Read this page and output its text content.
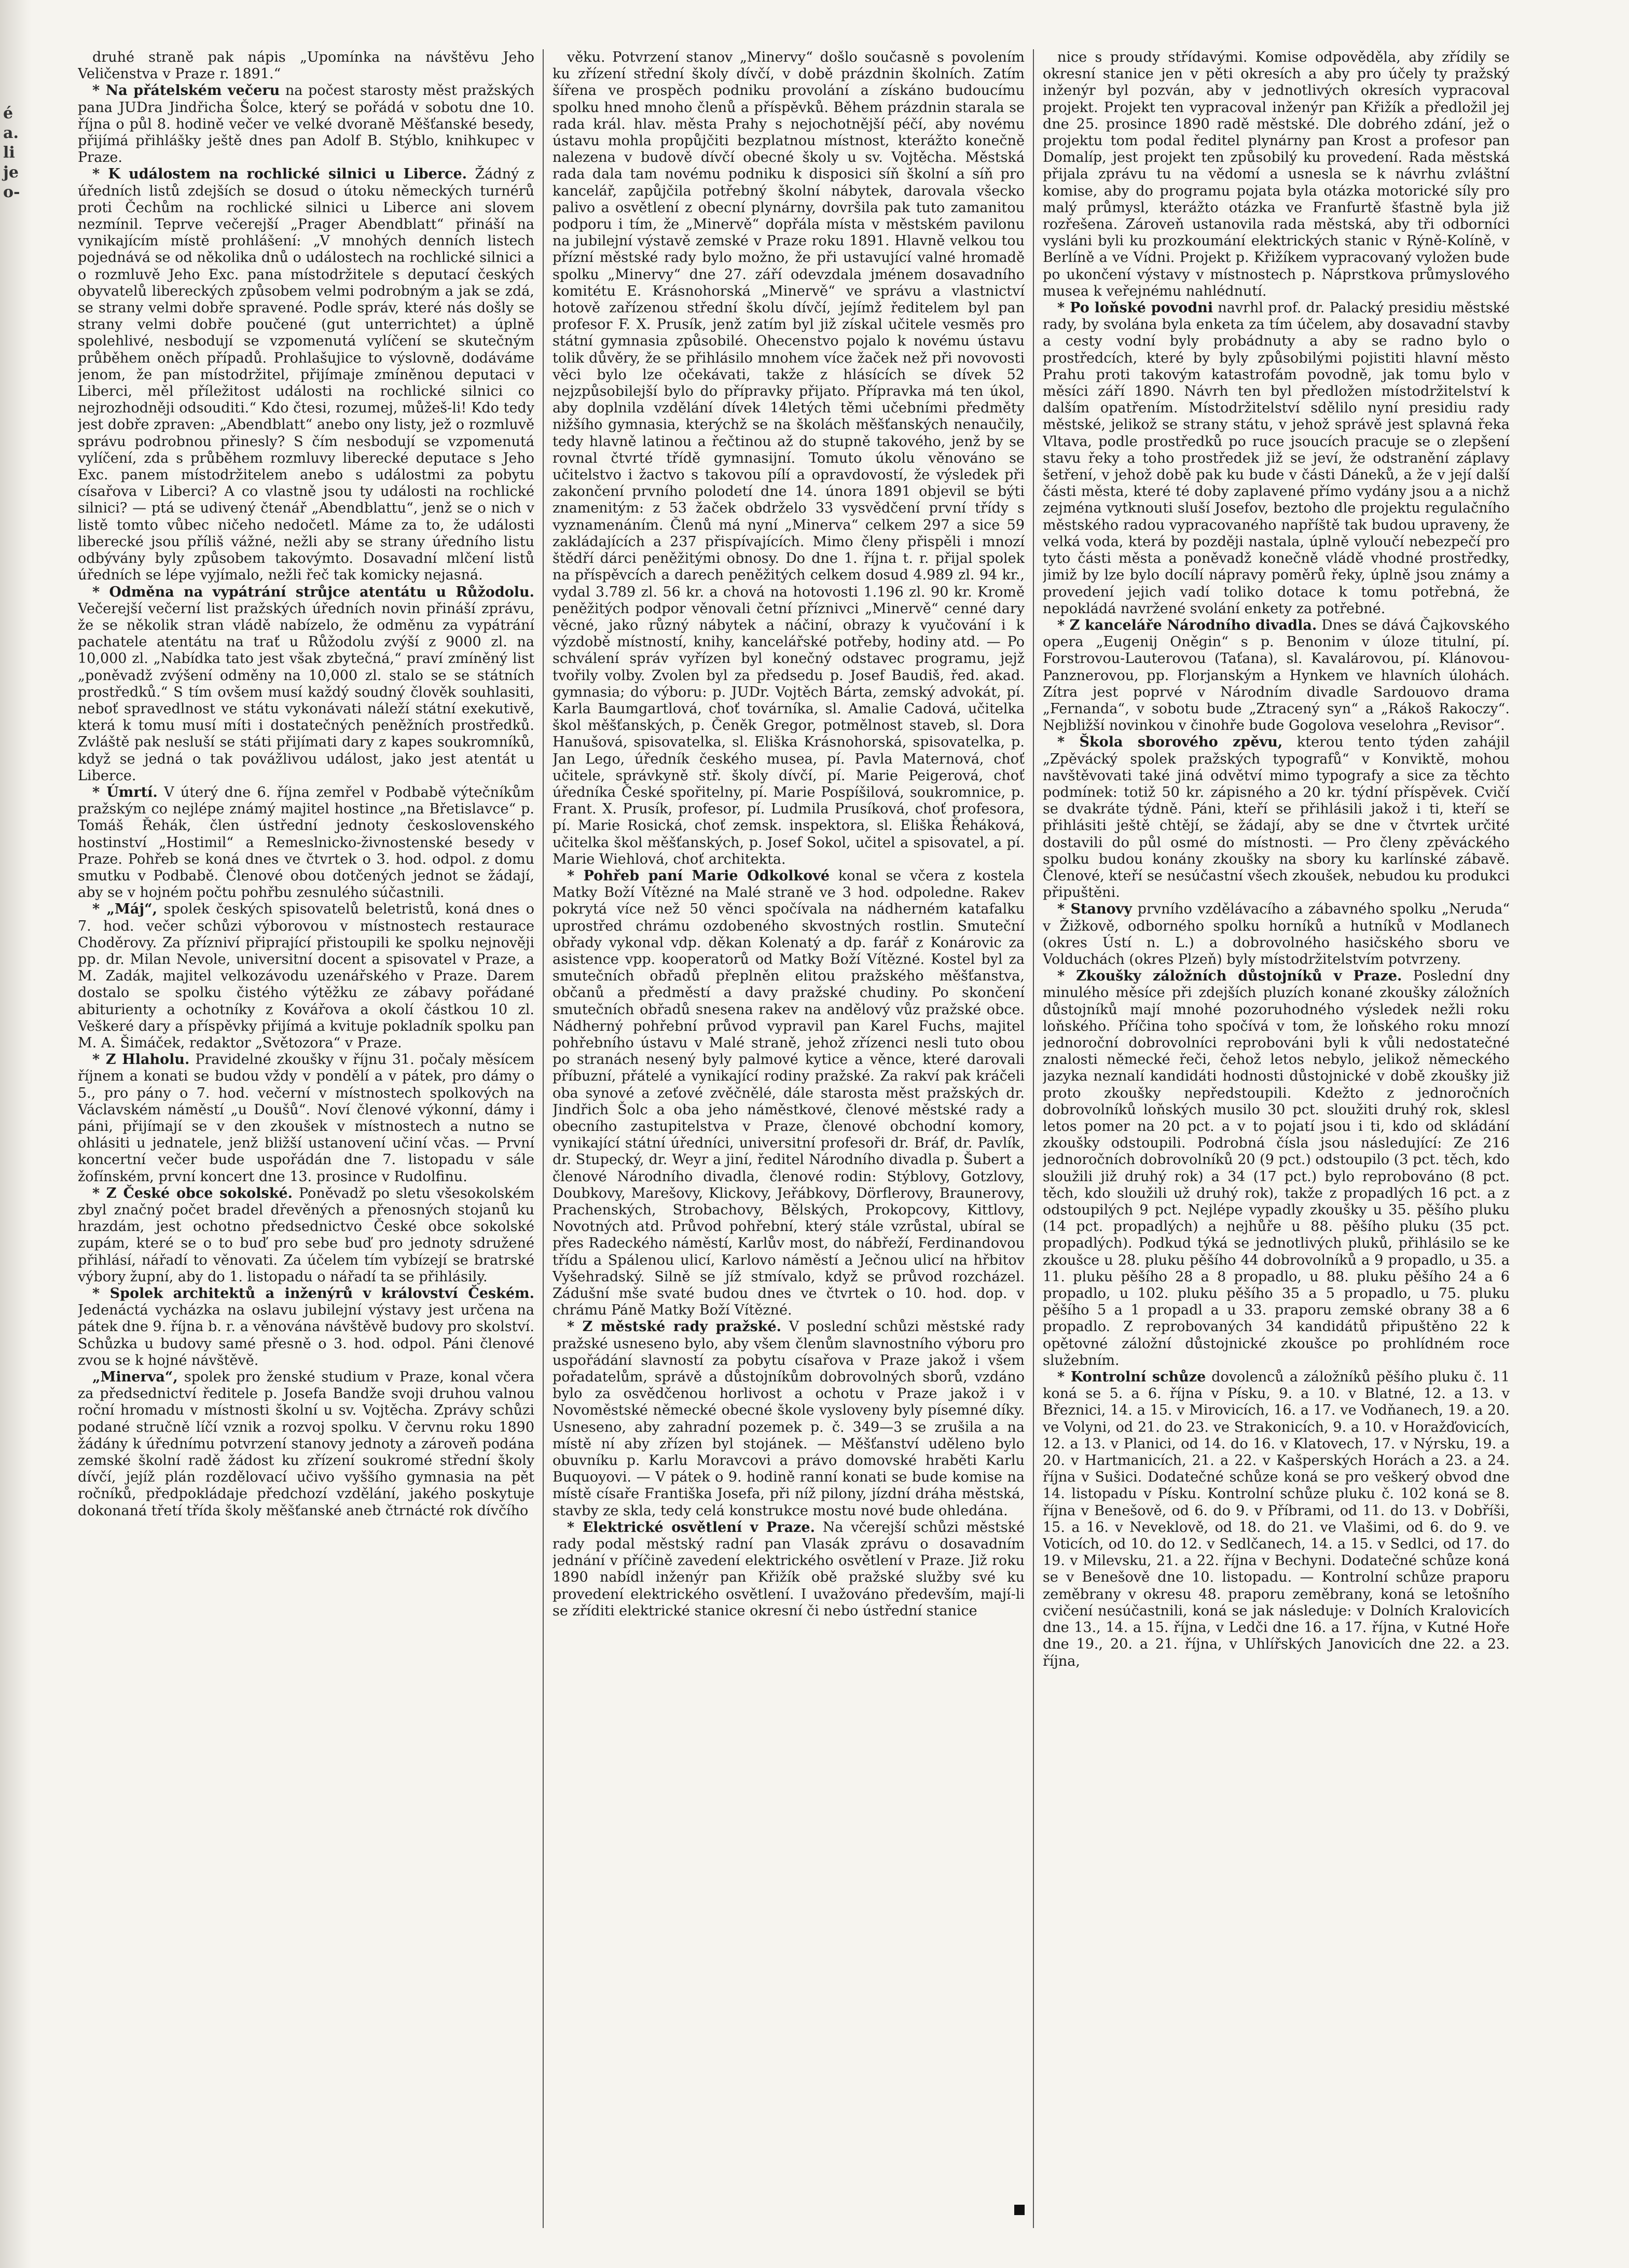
é
a.
li
je
o-

druhé straně pak nápis „Upomínka na návštěvu Jeho Veličenstva v Praze r. 1891.“

* Na přátelském večeru na počest starosty měst pražských pana JUDra Jindřicha Šolce, který se pořádá v sobotu dne 10. října o půl 8. hodině večer ve velké dvoraně Měšťanské besedy, přijímá přihlášky ještě dnes pan Adolf B. Stýblo, knihkupec v Praze.

* K událostem na rochlické silnici u Liberce. Žádný z úředních listů zdejších se dosud o útoku německých turnérů proti Čechům na rochlické silnici u Liberce ani slovem nezmínil. Teprve večerejší „Prager Abendblatt“ přináší na vynikajícím místě prohlášení: „V mnohých denních listech pojednává se od několika dnů o událostech na rochlické silnici a o rozmluvě Jeho Exc. pana místodržitele s deputací českých obyvatelů libereckých způsobem velmi podrobným a jak se zdá, se strany velmi dobře spravené. Podle správ, které nás došly se strany velmi dobře poučené (gut unterrichtet) a úplně spolehlivé, nesbodují se vzpomenutá vylíčení se skutečným průběhem oněch případů. Prohlašujice to výslovně, dodáváme jenom, že pan místodržitel, přijímaje zmíněnou deputaci v Liberci, měl příležitost události na rochlické silnici co nejrozhodněji odsouditi.“ Kdo čtesi, rozumej, můžeš-li! Kdo tedy jest dobře zpraven: „Abendblatt“ anebo ony listy, jež o rozmluvě správu podrobnou přinesly? S čím nesbodují se vzpomenutá vylíčení, zda s průběhem rozmluvy liberecké deputace s Jeho Exc. panem místodržitelem anebo s událostmi za pobytu císařova v Liberci? A co vlastně jsou ty události na rochlické silnici? — ptá se udivený čtenář „Abendblattu“, jenž se o nich v listě tomto vůbec ničeho nedočetl. Máme za to, že události liberecké jsou příliš vážné, nežli aby se strany úředního listu odbývány byly způsobem takovýmto. Dosavadní mlčení listů úředních se lépe vyjímalo, nežli řeč tak komicky nejasná.

* Odměna na vypátrání strůjce atentátu u Růžodolu. Večerejší večerní list pražských úředních novin přináší zprávu, že se několik stran vládě nabízelo, že odměnu za vypátrání pachatele atentátu na trať u Růžodolu zvýší z 9000 zl. na 10,000 zl. „Nabídka tato jest však zbytečná,“ praví zmíněný list „poněvadž zvýšení odměny na 10,000 zl. stalo se se státních prostředků.“ S tím ovšem musí každý soudný člověk souhlasiti, neboť spravedlnost ve státu vykonávati náleží státní exekutivě, která k tomu musí míti i dostatečných peněžních prostředků. Zvláště pak nesluší se státi přijímati dary z kapes soukromníků, když se jedná o tak povážlivou událost, jako jest atentát u Liberce.

* Úmrtí. V úterý dne 6. října zemřel v Podbabě výtečníkům pražským co nejlépe známý majitel hostince „na Břetislavce“ p. Tomáš Řehák, člen ústřední jednoty československého hostinství „Hostimil“ a Remeslnicko-živnostenské besedy v Praze. Pohřeb se koná dnes ve čtvrtek o 3. hod. odpol. z domu smutku v Podbabě. Členové obou dotčených jednot se žádají, aby se v hojném počtu pohřbu zesnulého súčastnili.

* „Máj“, spolek českých spisovatelů beletristů, koná dnes o 7. hod. večer schůzi výborovou v místnostech restaurace Choděrovy. Za přízniví připrající přistoupili ke spolku nejnověji pp. dr. Milan Nevole, universitní docent a spisovatel v Praze, a M. Zadák, majitel velkozávodu uzenářského v Praze. Darem dostalo se spolku čistého výtěžku ze zábavy pořádané abiturienty a ochotníky z Kovářova a okolí částkou 10 zl. Veškeré dary a příspěvky přijímá a kvituje pokladník spolku pan M. A. Šimáček, redaktor „Světozora“ v Praze.

* Z Hlaholu. Pravidelné zkoušky v říjnu 31. počaly měsícem říjnem a konati se budou vždy v pondělí a v pátek, pro dámy o 5., pro pány o 7. hod. večerní v místnostech spolkových na Václavském náměstí „u Doušů“. Noví členové výkonní, dámy i páni, přijímají se v den zkoušek v místnostech a nutno se ohlásiti u jednatele, jenž bližší ustanovení učiní včas. — První koncertní večer bude uspořádán dne 7. listopadu v sále žofínském, první koncert dne 13. prosince v Rudolfinu.

* Z České obce sokolské. Poněvadž po sletu všesokolském zbyl značný počet bradel dřevěných a přenosných stojanů ku hrazdám, jest ochotno předsednictvo České obce sokolské zupám, které se o to buď pro sebe buď pro jednoty sdružené přihlásí, nářadí to věnovati. Za účelem tím vybízejí se bratrské výbory župní, aby do 1. listopadu o nářadí ta se přihlásily.

* Spolek architektů a inženýrů v království Českém. Jedenáctá vycházka na oslavu jubilejní výstavy jest určena na pátek dne 9. října b. r. a věnována návštěvě budovy pro skolství. Schůzka u budovy samé přesně o 3. hod. odpol. Páni členové zvou se k hojné návštěvě.

„Minerva“, spolek pro ženské studium v Praze, konal včera za předsednictví ředitele p. Josefa Bandže svoji druhou valnou roční hromadu v místnosti školní u sv. Vojtěcha. Zprávy schůzi podané stručně líčí vznik a rozvoj spolku. V červnu roku 1890 žádány k úřednímu potvrzení stanovy jednoty a zároveň podána zemské školní radě žádost ku zřízení soukromé střední školy dívčí, jejíž plán rozdělovací učivo vyššího gymnasia na pět ročníků, předpokládaje předchozí vzdělání, jakého poskytuje dokonaná třetí třída školy měšťanské aneb čtrnácté rok dívčího

věku. Potvrzení stanov „Minervy“ došlo současně s povolením ku zřízení střední školy dívčí, v době prázdnin školních. Zatím šířena ve prospěch podniku provolání a získáno budoucímu spolku hned mnoho členů a příspěvků. Během prázdnin starala se rada král. hlav. města Prahy s nejochotnější péčí, aby novému ústavu mohla propůjčiti bezplatnou místnost, kterážto konečně nalezena v budově dívčí obecné školy u sv. Vojtěcha. Městská rada dala tam novému podniku k disposici síň školní a síň pro kancelář, zapůjčila potřebný školní nábytek, darovala všecko palivo a osvětlení z obecní plynárny, dovršila pak tuto zamanitou podporu i tím, že „Minervě“ dopřála místa v městském pavilonu na jubilejní výstavě zemské v Praze roku 1891. Hlavně velkou tou přízní městské rady bylo možno, že při ustavující valné hromadě spolku „Minervy“ dne 27. září odevzdala jménem dosavadního komitétu E. Krásnohorská „Minervě“ ve správu a vlastnictví hotově zařízenou střední školu dívčí, jejímž ředitelem byl pan profesor F. X. Prusík, jenž zatím byl již získal učitele vesměs pro státní gymnasia způsobilé. Ohecenstvo pojalo k novému ústavu tolik důvěry, že se přihlásilo mnohem více žaček než při novovosti věci bylo lze očekávati, takže z hlásících se dívek 52 nejzpůsobilejší bylo do přípravky přijato. Přípravka má ten úkol, aby doplnila vzdělání dívek 14letých těmi učebními předměty nižšího gymnasia, kterýchž se na školách měšťanských nenaučily, tedy hlavně latinou a řečtinou až do stupně takového, jenž by se rovnal čtvrté třídě gymnasijní. Tomuto úkolu věnováno se učitelstvo i žactvo s takovou pílí a opravdovostí, že výsledek při zakončení prvního polodetí dne 14. února 1891 objevil se býti znamenitým: z 53 žaček obdrželo 33 vysvědčení první třídy s vyznamenáním. Členů má nyní „Minerva“ celkem 297 a sice 59 zakládajících a 237 přispívajících. Mimo členy přispěli i mnozí štědří dárci peněžitými obnosy. Do dne 1. října t. r. přijal spolek na příspěvcích a darech peněžitých celkem dosud 4.989 zl. 94 kr., vydal 3.789 zl. 56 kr. a chová na hotovosti 1.196 zl. 90 kr. Kromě peněžitých podpor věnovali četní příznivci „Minervě“ cenné dary věcné, jako různý nábytek a náčiní, obrazy k vyučování i k výzdobě místností, knihy, kancelářské potřeby, hodiny atd. — Po schválení správ vyřízen byl konečný odstavec programu, jejž tvořily volby. Zvolen byl za předsedu p. Josef Baudiš, řed. akad. gymnasia; do výboru: p. JUDr. Vojtěch Bárta, zemský advokát, pí. Karla Baumgartlová, choť továrníka, sl. Amalie Cadová, učitelka škol měšťanských, p. Čeněk Gregor, potmělnost staveb, sl. Dora Hanušová, spisovatelka, sl. Eliška Krásnohorská, spisovatelka, p. Jan Lego, úředník českého musea, pí. Pavla Maternová, choť učitele, správkyně stř. školy dívčí, pí. Marie Peigerová, choť úředníka České spořitelny, pí. Marie Pospíšilová, soukromnice, p. Frant. X. Prusík, profesor, pí. Ludmila Prusíková, choť profesora, pí. Marie Rosická, choť zemsk. inspektora, sl. Eliška Řeháková, učitelka škol měšťanských, p. Josef Sokol, učitel a spisovatel, a pí. Marie Wiehlová, choť architekta.

* Pohřeb paní Marie Odkolkové konal se včera z kostela Matky Boží Vítězné na Malé straně ve 3 hod. odpoledne. Rakev pokrytá více než 50 věnci spočívala na nádherném katafalku uprostřed chrámu ozdobeného skvostných rostlin. Smuteční obřady vykonal vdp. děkan Kolenatý a dp. farář z Konárovic za asistence vpp. kooperatorů od Matky Boží Vítězné. Kostel byl za smutečních obřadů přeplněn elitou pražského měšťanstva, občanů a předměstí a davy pražské chudiny. Po skončení smutečních obřadů snesena rakev na andělový vůz pražské obce. Nádherný pohřební průvod vypravil pan Karel Fuchs, majitel pohřebního ústavu v Malé straně, jehož zřízenci nesli tuto obou po stranách nesený byly palmové kytice a věnce, které darovali příbuzní, přátelé a vynikající rodiny pražské. Za rakví pak kráčeli oba synové a zeťové zvěčnělé, dále starosta měst pražských dr. Jindřich Šolc a oba jeho náměstkové, členové městské rady a obecního zastupitelstva v Praze, členové obchodní komory, vynikající státní úředníci, universitní profesoři dr. Bráf, dr. Pavlík, dr. Stupecký, dr. Weyr a jiní, ředitel Národního divadla p. Šubert a členové Národního divadla, členové rodin: Stýblovy, Gotzlovy, Doubkovy, Marešovy, Klickovy, Jeřábkovy, Dörflerovy, Braunerovy, Prachenských, Strobachovy, Bělských, Prokopcovy, Kittlovy, Novotných atd. Průvod pohřební, který stále vzrůstal, ubíral se přes Radeckého náměstí, Karlův most, do nábřeží, Ferdinandovou třídu a Spálenou ulicí, Karlovo náměstí a Ječnou ulicí na hřbitov Vyšehradský. Silně se jíž stmívalo, když se průvod rozcházel. Zádušní mše svaté budou dnes ve čtvrtek o 10. hod. dop. v chrámu Páně Matky Boží Vítězné.

* Z městské rady pražské. V poslední schůzi městské rady pražské usneseno bylo, aby všem členům slavnostního výboru pro uspořádání slavností za pobytu císařova v Praze jakož i všem pořadatelům, správě a důstojníkům dobrovolných sborů, vzdáno bylo za osvědčenou horlivost a ochotu v Praze jakož i v Novoměstské německé obecné škole vysloveny byly písemné díky. Usneseno, aby zahradní pozemek p. č. 349—3 se zrušila a na místě ní aby zřízen byl stojánek. — Měšťanství uděleno bylo obuvníku p. Karlu Moravcovi a právo domovské hraběti Karlu Buquoyovi. — V pátek o 9. hodině ranní konati se bude komise na místě císaře Františka Josefa, při níž pilony, jízdní dráha městská, stavby ze skla, tedy celá konstrukce mostu nové bude ohledána.

* Elektrické osvětlení v Praze. Na včerejší schůzi městské rady podal městský radní pan Vlasák zprávu o dosavadním jednání v příčině zavedení elektrického osvětlení v Praze. Již roku 1890 nabídl inženýr pan Křižík obě pražské služby své ku provedení elektrického osvětlení. I uvažováno především, mají-li se zříditi elektrické stanice okresní či nebo ústřední stanice

nice s proudy střídavými. Komise odpověděla, aby zřídily se okresní stanice jen v pěti okresích a aby pro účely ty pražský inženýr byl pozván, aby v jednotlivých okresích vypracoval projekt. Projekt ten vypracoval inženýr pan Křižík a předložil jej dne 25. prosince 1890 radě městské. Dle dobrého zdání, jež o projektu tom podal ředitel plynárny pan Krost a profesor pan Domalíp, jest projekt ten způsobilý ku provedení. Rada městská přijala zprávu tu na vědomí a usnesla se k návrhu zvláštní komise, aby do programu pojata byla otázka motorické síly pro malý průmysl, kterážto otázka ve Franfurtě šťastně byla již rozřešena. Zároveň ustanovila rada městská, aby tři odborníci vysláni byli ku prozkoumání elektrických stanic v Rýně-Kolíně, v Berlíně a ve Vídni. Projekt p. Křižíkem vypracovaný vyložen bude po ukončení výstavy v místnostech p. Náprstkova průmyslového musea k veřejnému nahlédnutí.

* Po loňské povodni navrhl prof. dr. Palacký presidiu městské rady, by svolána byla enketa za tím účelem, aby dosavadní stavby a cesty vodní byly probádnuty a aby se radno bylo o prostředcích, které by byly způsobilými pojistiti hlavní město Prahu proti takovým katastrofám povodně, jak tomu bylo v měsíci září 1890. Návrh ten byl předložen místodržitelství k dalším opatřením. Místodržitelství sdělilo nyní presidiu rady městské, jelikož se strany státu, v jehož správě jest splavná řeka Vltava, podle prostředků po ruce jsoucích pracuje se o zlepšení stavu řeky a toho prostředek již se jeví, že odstranění záplavy šetření, v jehož době pak ku bude v části Dáneků, a že v její další části města, které té doby zaplavené přímo vydány jsou a a nichž zejména vytknouti sluší Josefov, beztoho dle projektu regulačního městského radou vypracovaného napříště tak budou upraveny, že velká voda, která by později nastala, úplně vyloučí nebezpečí pro tyto části města a poněvadž konečně vládě vhodné prostředky, jimiž by lze bylo docílí nápravy poměrů řeky, úplně jsou známy a provedení jejich vadí toliko dotace k tomu potřebná, že nepokládá navržené svolání enkety za potřebné.

* Z kanceláře Národního divadla. Dnes se dává Čajkovského opera „Eugenij Oněgin“ s p. Benonim v úloze titulní, pí. Forstrovou-Lauterovou (Taťana), sl. Kavalárovou, pí. Klánovou-Panznerovou, pp. Florjanským a Hynkem ve hlavních úlohách. Zítra jest poprvé v Národním divadle Sardouovo drama „Fernanda“, v sobotu bude „Ztracený syn“ a „Rákoš Rakoczy“. Nejbližší novinkou v činohře bude Gogolova veselohra „Revisor“.

* Škola sborového zpěvu, kterou tento týden zahájil „Zpěvácký spolek pražských typografů“ v Konviktě, mohou navštěvovati také jiná odvětví mimo typografy a sice za těchto podmínek: totiž 50 kr. zápisného a 20 kr. týdní příspěvek. Cvičí se dvakráte týdně. Páni, kteří se přihlásili jakož i ti, kteří se přihlásiti ještě chtějí, se žádají, aby se dne v čtvrtek určité dostavili do půl osmé do místnosti. — Pro členy zpěváckého spolku budou konány zkoušky na sbory ku karlínské zábavě. Členové, kteří se nesúčastní všech zkoušek, nebudou ku produkci připuštěni.

* Stanovy prvního vzdělávacího a zábavného spolku „Neruda“ v Žižkově, odborného spolku horníků a hutníků v Modlanech (okres Ústí n. L.) a dobrovolného hasičského sboru ve Volduchách (okres Plzeň) byly místodržitelstvím potvrzeny.

* Zkoušky záložních důstojníků v Praze. Poslední dny minulého měsíce při zdejších pluzích konané zkoušky záložních důstojníků mají mnohé pozoruhodného výsledek nežli roku loňského. Příčina toho spočívá v tom, že loňského roku mnozí jednoroční dobrovolníci reprobováni byli k vůli nedostatečné znalosti německé řeči, čehož letos nebylo, jelikož německého jazyka neznalí kandidáti hodnosti důstojnické v době zkoušky již proto zkoušky nepředstoupili. Kdežto z jednoročních dobrovolníků loňských musilo 30 pct. sloužiti druhý rok, sklesl letos pomer na 20 pct. a v to pojatí jsou i ti, kdo od skládání zkoušky odstoupili. Podrobná čísla jsou následující: Ze 216 jednoročních dobrovolníků 20 (9 pct.) odstoupilo (3 pct. těch, kdo sloužili již druhý rok) a 34 (17 pct.) bylo reprobováno (8 pct. těch, kdo sloužili už druhý rok), takže z propadlých 16 pct. a z odstoupilých 9 pct. Nejlépe vypadly zkoušky u 35. pěšího pluku (14 pct. propadlých) a nejhůře u 88. pěšího pluku (35 pct. propadlých). Podkud týká se jednotlivých pluků, přihlásilo se ke zkoušce u 28. pluku pěšího 44 dobrovolníků a 9 propadlo, u 35. a 11. pluku pěšího 28 a 8 propadlo, u 88. pluku pěšího 24 a 6 propadlo, u 102. pluku pěšího 35 a 5 propadlo, u 75. pluku pěšího 5 a 1 propadl a u 33. praporu zemské obrany 38 a 6 propadlo. Z reprobovaných 34 kandidátů připuštěno 22 k opětovné záložní důstojnické zkoušce po prohlídném roce služebním.

* Kontrolní schůze dovolenců a záložníků pěšího pluku č. 11 koná se 5. a 6. října v Písku, 9. a 10. v Blatné, 12. a 13. v Březnici, 14. a 15. v Mirovicích, 16. a 17. ve Vodňanech, 19. a 20. ve Volyni, od 21. do 23. ve Strakonicích, 9. a 10. v Horažďovicích, 12. a 13. v Planici, od 14. do 16. v Klatovech, 17. v Nýrsku, 19. a 20. v Hartmanicích, 21. a 22. v Kašperských Horách a 23. a 24. října v Sušici. Dodatečné schůze koná se pro veškerý obvod dne 14. listopadu v Písku. Kontrolní schůze pluku č. 102 koná se 8. října v Benešově, od 6. do 9. v Příbrami, od 11. do 13. v Dobříši, 15. a 16. v Neveklově, od 18. do 21. ve Vlašimi, od 6. do 9. ve Voticích, od 10. do 12. v Sedlčanech, 14. a 15. v Sedlci, od 17. do 19. v Milevsku, 21. a 22. října v Bechyni. Dodatečné schůze koná se v Benešově dne 10. listopadu. — Kontrolní schůze praporu zeměbrany v okresu 48. praporu zeměbrany, koná se letošního cvičení nesúčastnili, koná se jak následuje: v Dolních Kralovicích dne 13., 14. a 15. října, v Ledči dne 16. a 17. října, v Kutné Hoře dne 19., 20. a 21. října, v Uhlířských Janovicích dne 22. a 23. října,
